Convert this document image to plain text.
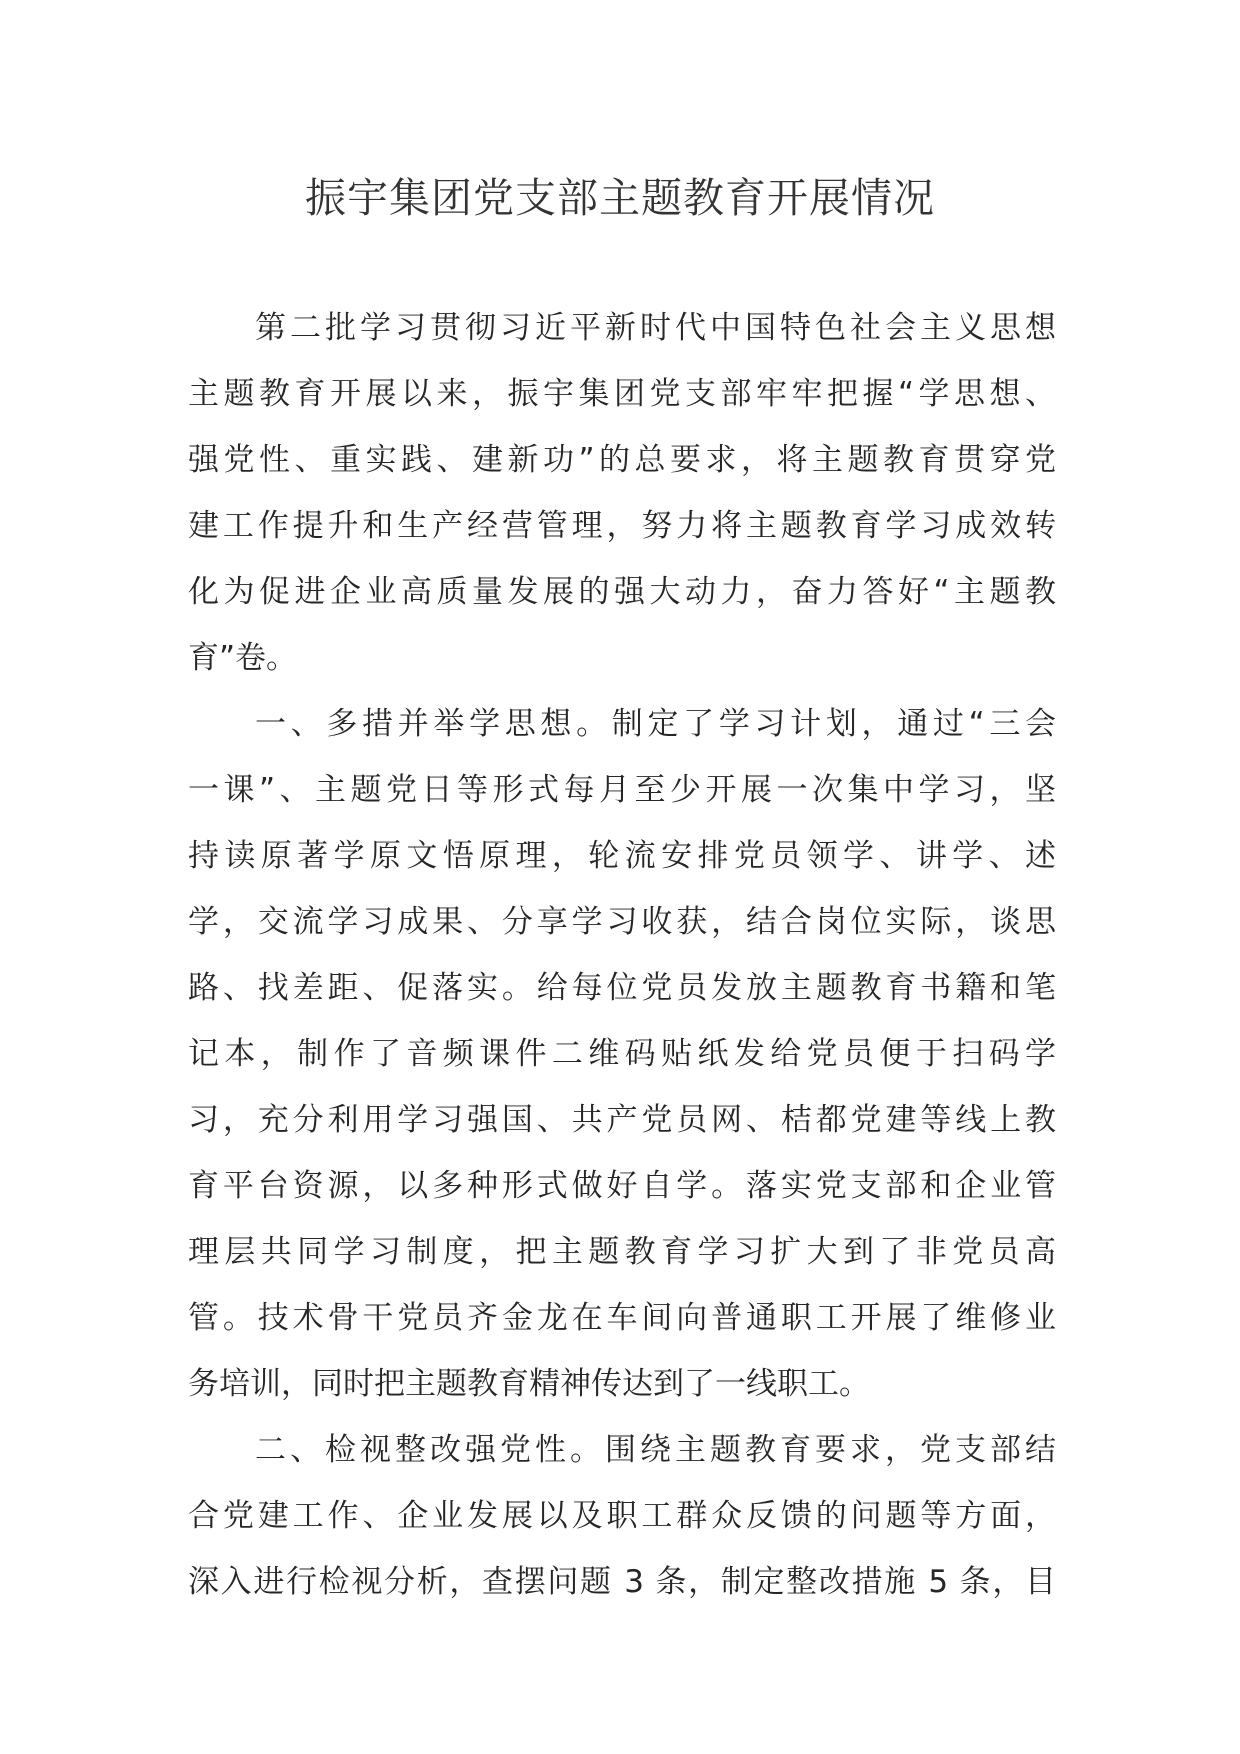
振宇集团党支部主题教育开展情况

第二批学习贯彻习近平新时代中国特色社会主义思想

主题教育开展以来，振宇集团党支部牢牢把握“学思想、

强党性、重实践、建新功”的总要求，将主题教育贯穿党

建工作提升和生产经营管理，努力将主题教育学习成效转

化为促进企业高质量发展的强大动力，奋力答好“主题教

育”卷。

一、多措并举学思想。制定了学习计划，通过“三会

一课”、主题党日等形式每月至少开展一次集中学习，坚

持读原著学原文悟原理，轮流安排党员领学、讲学、述

学，交流学习成果、分享学习收获，结合岗位实际，谈思

路、找差距、促落实。给每位党员发放主题教育书籍和笔

记本，制作了音频课件二维码贴纸发给党员便于扫码学

习，充分利用学习强国、共产党员网、桔都党建等线上教

育平台资源，以多种形式做好自学。落实党支部和企业管

理层共同学习制度，把主题教育学习扩大到了非党员高

管。技术骨干党员齐金龙在车间向普通职工开展了维修业

务培训，同时把主题教育精神传达到了一线职工。

二、检视整改强党性。围绕主题教育要求，党支部结

合党建工作、企业发展以及职工群众反馈的问题等方面，

深入进行检视分析，查摆问题 3 条，制定整改措施 5 条，目
